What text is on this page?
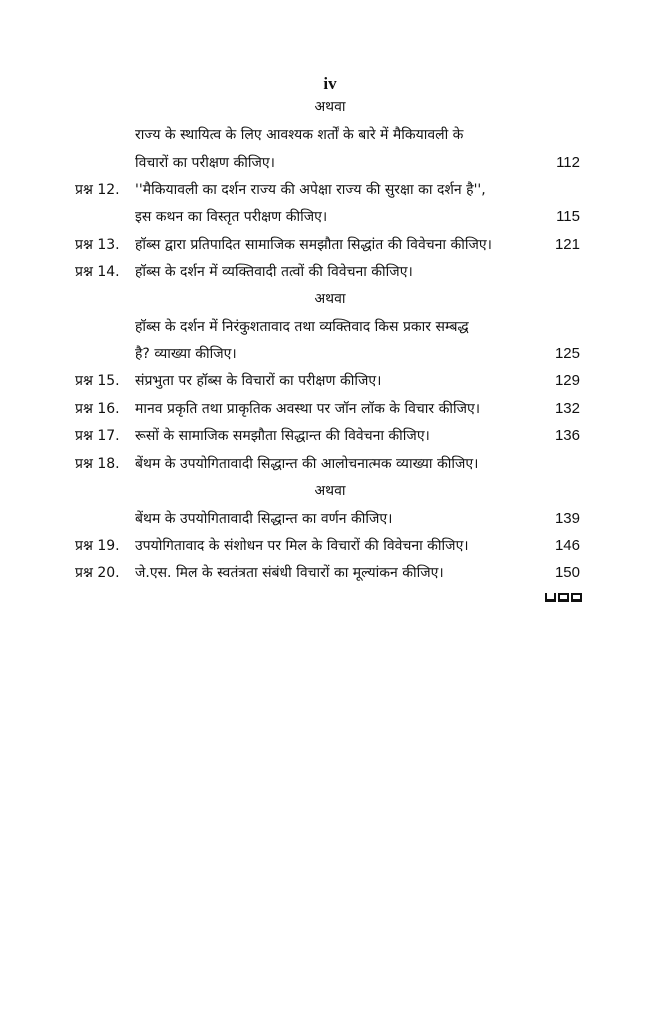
iv
अथवा
राज्य के स्थायित्व के लिए आवश्यक शर्तों के बारे में मैकियावली के
विचारों का परीक्षण कीजिए।	112
प्रश्न 12. ''मैकियावली का दर्शन राज्य की अपेक्षा राज्य की सुरक्षा का दर्शन है'',
इस कथन का विस्तृत परीक्षण कीजिए।	115
प्रश्न 13. हॉब्स द्वारा प्रतिपादित सामाजिक समझौता सिद्धांत की विवेचना कीजिए।	121
प्रश्न 14. हॉब्स के दर्शन में व्यक्तिवादी तत्वों की विवेचना कीजिए।
अथवा
हॉब्स के दर्शन में निरंकुशतावाद तथा व्यक्तिवाद किस प्रकार सम्बद्ध
है? व्याख्या कीजिए।	125
प्रश्न 15. संप्रभुता पर हॉब्स के विचारों का परीक्षण कीजिए।	129
प्रश्न 16. मानव प्रकृति तथा प्राकृतिक अवस्था पर जॉन लॉक के विचार कीजिए।	132
प्रश्न 17. रूसों के सामाजिक समझौता सिद्धान्त की विवेचना कीजिए।	136
प्रश्न 18. बेंथम के उपयोगितावादी सिद्धान्त की आलोचनात्मक व्याख्या कीजिए।
अथवा
बेंथम के उपयोगितावादी सिद्धान्त का वर्णन कीजिए।	139
प्रश्न 19. उपयोगितावाद के संशोधन पर मिल के विचारों की विवेचना कीजिए।	146
प्रश्न 20. जे.एस. मिल के स्वतंत्रता संबंधी विचारों का मूल्यांकन कीजिए।	150
